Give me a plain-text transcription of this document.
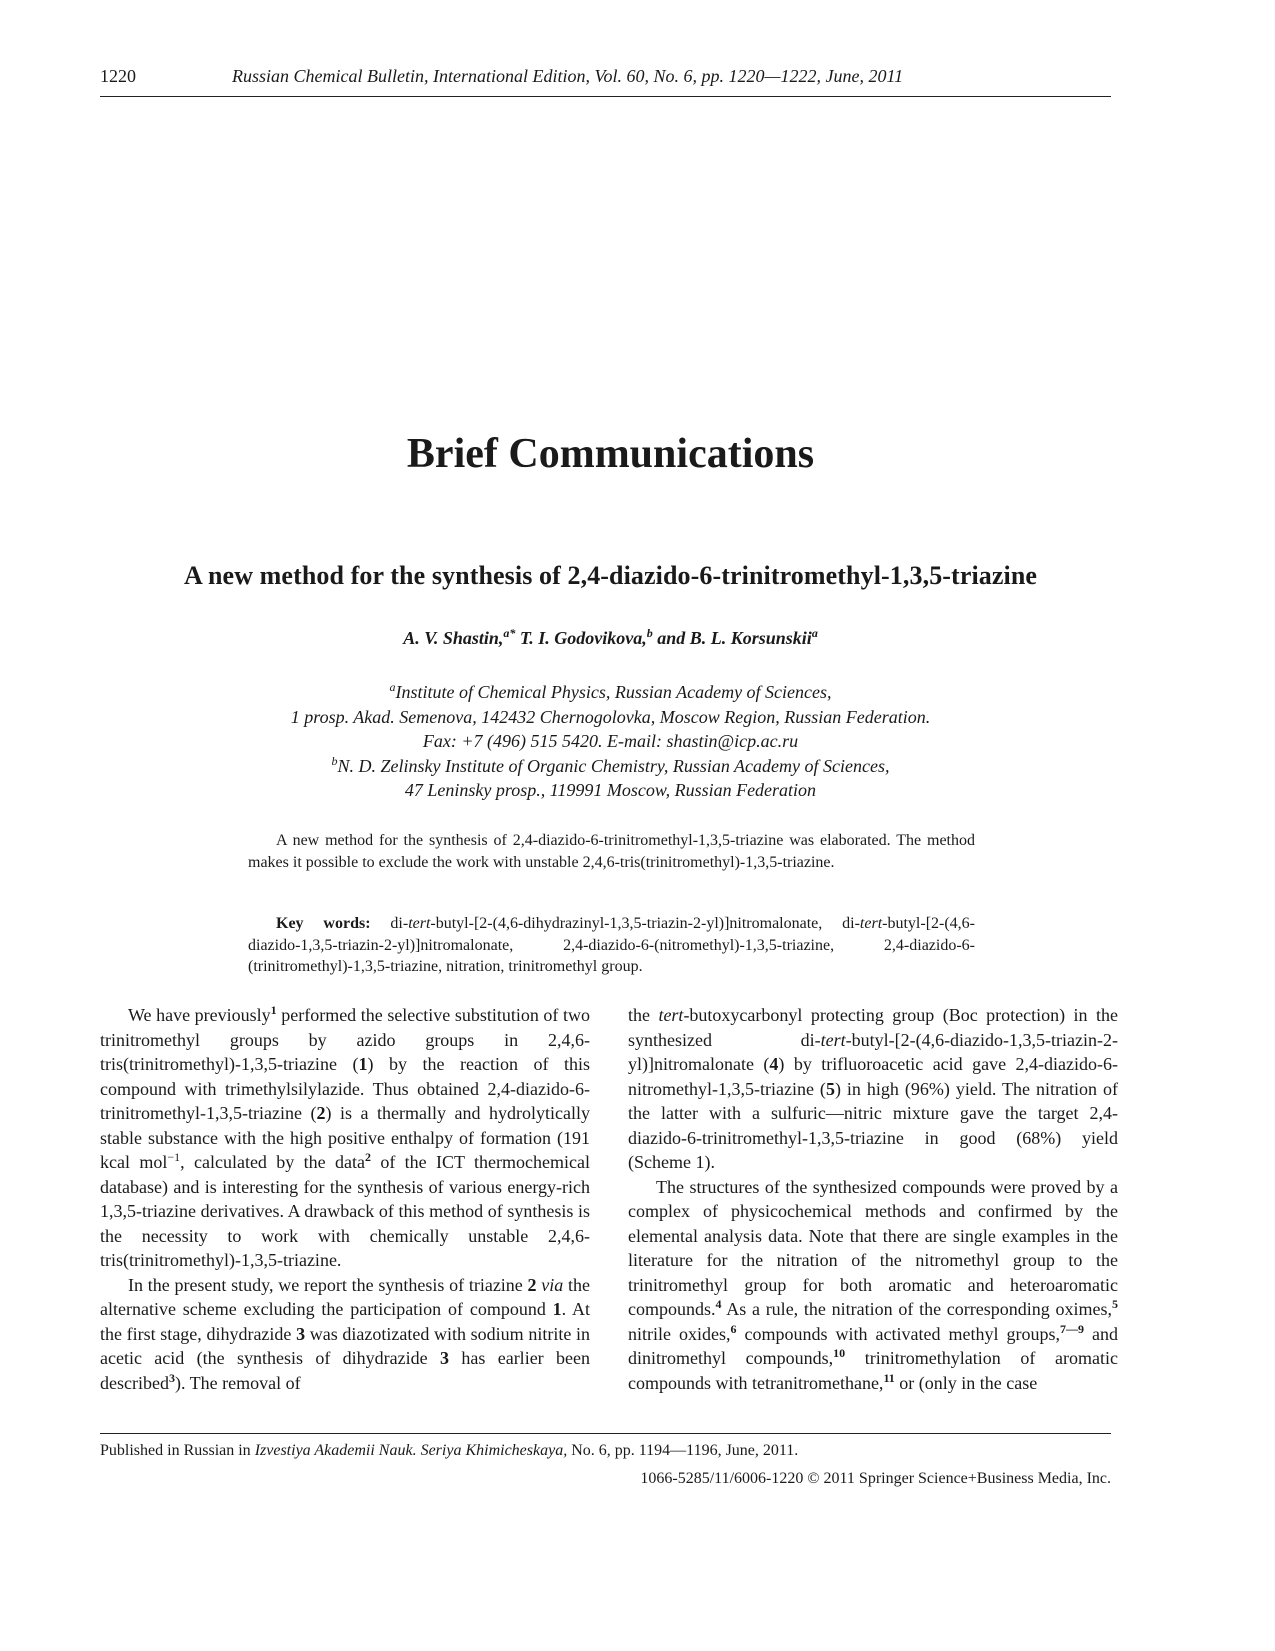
1220	Russian Chemical Bulletin, International Edition, Vol. 60, No. 6, pp. 1220—1222, June, 2011
Brief Communications
A new method for the synthesis of 2,4-diazido-6-trinitromethyl-1,3,5-triazine
A. V. Shastin,$^{a*}$ T. I. Godovikova,$^b$ and B. L. Korsunskii$^a$
$^a$Institute of Chemical Physics, Russian Academy of Sciences,
1 prosp. Akad. Semenova, 142432 Chernogolovka, Moscow Region, Russian Federation.
Fax: +7 (496) 515 5420. E-mail: shastin@icp.ac.ru
$^b$N. D. Zelinsky Institute of Organic Chemistry, Russian Academy of Sciences,
47 Leninsky prosp., 119991 Moscow, Russian Federation

A new method for the synthesis of 2,4-diazido-6-trinitromethyl-1,3,5-triazine was elaborated. The method makes it possible to exclude the work with unstable 2,4,6-tris(trinitromethyl)-1,3,5-triazine.

Key words: di-tert-butyl-[2-(4,6-dihydrazinyl-1,3,5-triazin-2-yl)]nitromalonate, di-tert-butyl-[2-(4,6-diazido-1,3,5-triazin-2-yl)]nitromalonate, 2,4-diazido-6-(nitromethyl)-1,3,5-triazine, 2,4-diazido-6-(trinitromethyl)-1,3,5-triazine, nitration, trinitromethyl group.

We have previously$^1$ performed the selective substitution of two trinitromethyl groups by azido groups in 2,4,6-tris(trinitromethyl)-1,3,5-triazine (1) by the reaction of this compound with trimethylsilylazide. Thus obtained 2,4-diazido-6-trinitromethyl-1,3,5-triazine (2) is a thermally and hydrolytically stable substance with the high positive enthalpy of formation (191 kcal mol$^{-1}$, calculated by the data$^2$ of the ICT thermochemical database) and is interesting for the synthesis of various energy-rich 1,3,5-triazine derivatives. A drawback of this method of synthesis is the necessity to work with chemically unstable 2,4,6-tris(trinitromethyl)-1,3,5-triazine.

In the present study, we report the synthesis of triazine 2 via the alternative scheme excluding the participation of compound 1. At the first stage, dihydrazide 3 was diazotizated with sodium nitrite in acetic acid (the synthesis of dihydrazide 3 has earlier been described$^3$). The removal of

the tert-butoxycarbonyl protecting group (Boc protection) in the synthesized di-tert-butyl-[2-(4,6-diazido-1,3,5-triazin-2-yl)]nitromalonate (4) by trifluoroacetic acid gave 2,4-diazido-6-nitromethyl-1,3,5-triazine (5) in high (96%) yield. The nitration of the latter with a sulfuric—nitric mixture gave the target 2,4-diazido-6-trinitromethyl-1,3,5-triazine in good (68%) yield (Scheme 1).

The structures of the synthesized compounds were proved by a complex of physicochemical methods and confirmed by the elemental analysis data. Note that there are single examples in the literature for the nitration of the nitromethyl group to the trinitromethyl group for both aromatic and heteroaromatic compounds.$^4$ As a rule, the nitration of the corresponding oximes,$^5$ nitrile oxides,$^6$ compounds with activated methyl groups,$^{7—9}$ and dinitromethyl compounds,$^{10}$ trinitromethylation of aromatic compounds with tetranitromethane,$^{11}$ or (only in the case

Published in Russian in Izvestiya Akademii Nauk. Seriya Khimicheskaya, No. 6, pp. 1194—1196, June, 2011.
1066-5285/11/6006-1220 © 2011 Springer Science+Business Media, Inc.
